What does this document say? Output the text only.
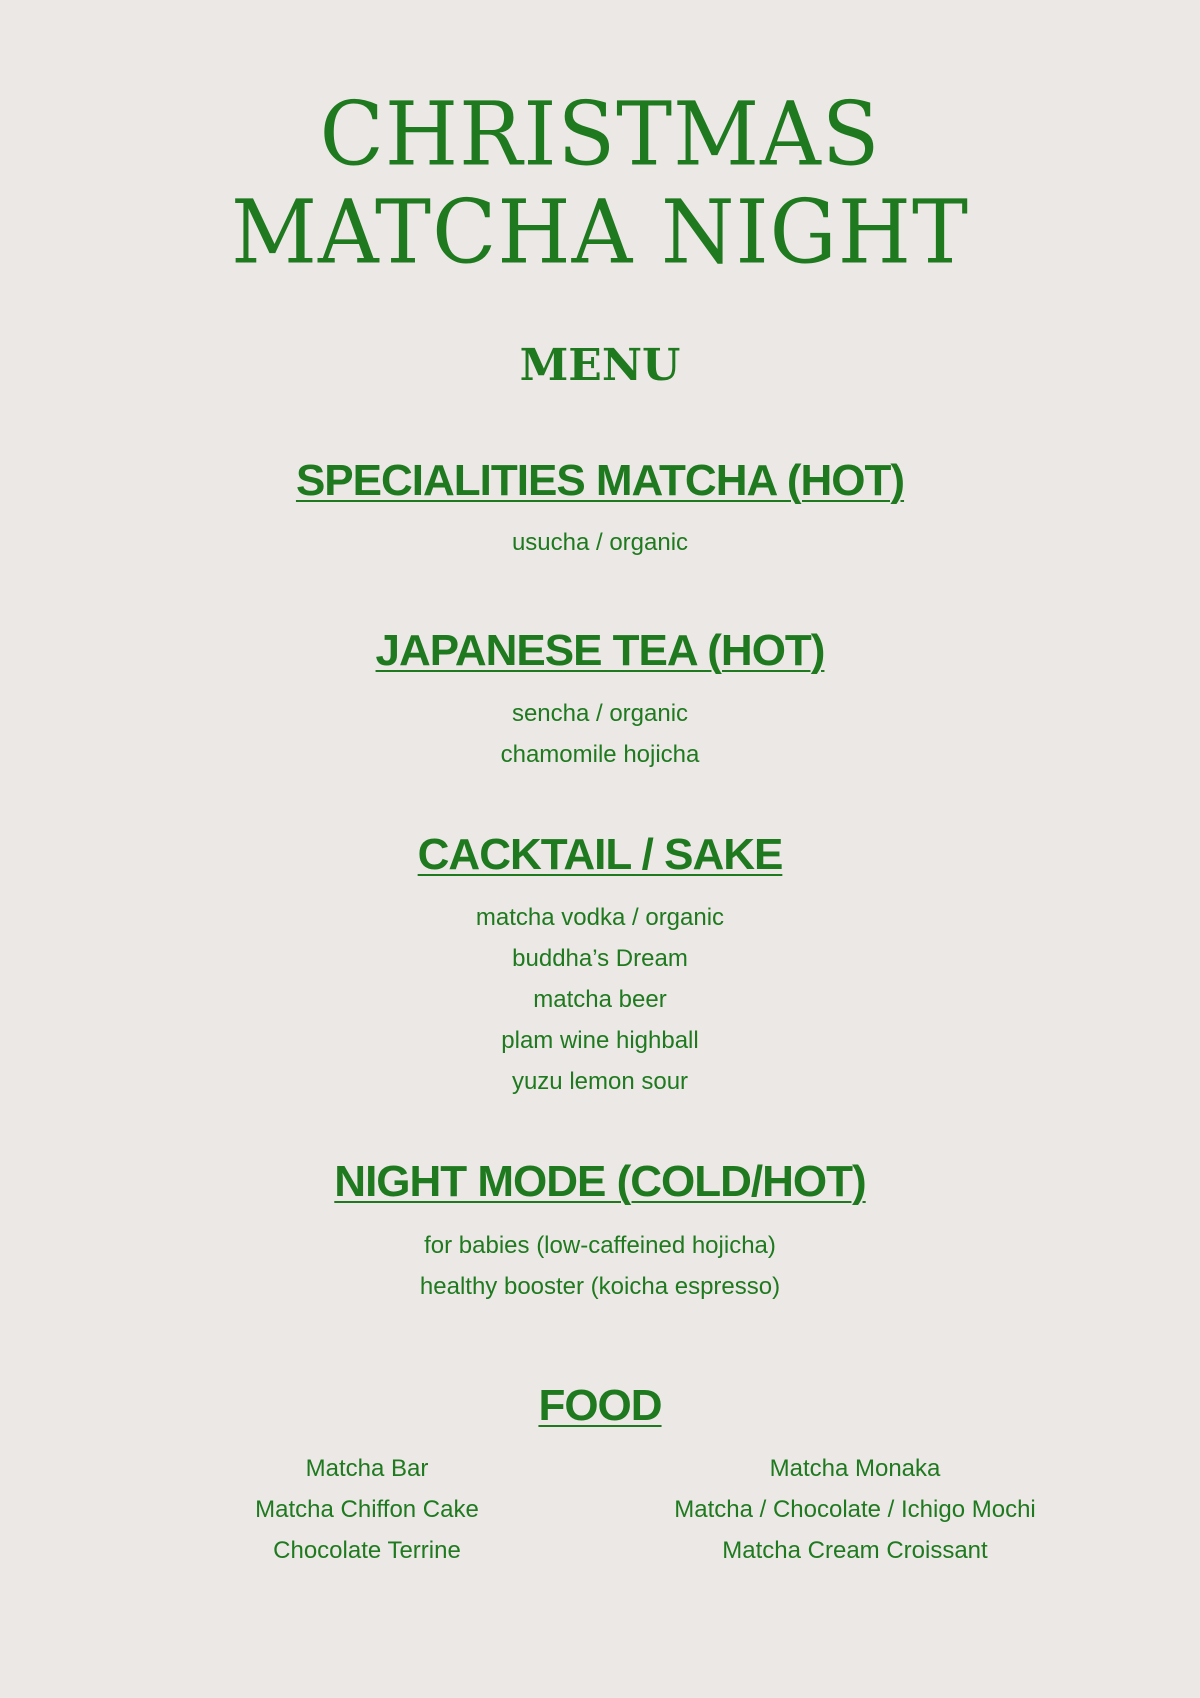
CHRISTMAS
MATCHA NIGHT
MENU
SPECIALITIES MATCHA (HOT)
usucha / organic
JAPANESE TEA (HOT)
sencha / organic
chamomile hojicha
CACKTAIL / SAKE
matcha vodka / organic
buddha’s Dream
matcha beer
plam wine highball
yuzu lemon sour
NIGHT MODE (COLD/HOT)
for babies (low-caffeined hojicha)
healthy booster (koicha espresso)
FOOD
Matcha Bar
Matcha Chiffon Cake
Chocolate Terrine
Matcha Monaka
Matcha / Chocolate / Ichigo Mochi
Matcha Cream Croissant
